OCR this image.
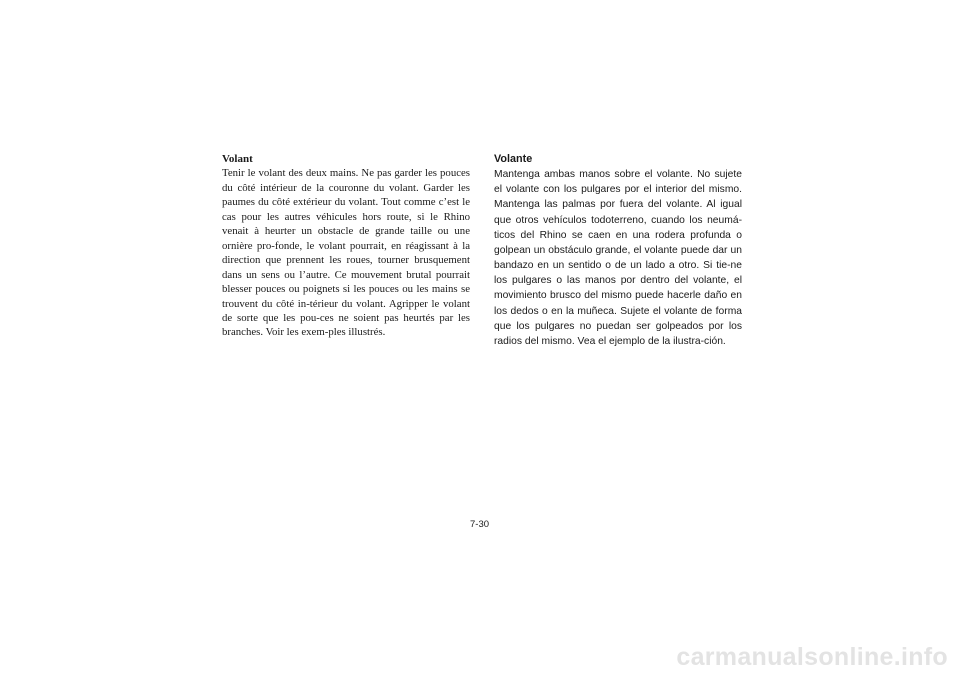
Volant
Tenir le volant des deux mains. Ne pas garder les pouces du côté intérieur de la couronne du volant. Garder les paumes du côté extérieur du volant. Tout comme c’est le cas pour les autres véhicules hors route, si le Rhino venait à heurter un obstacle de grande taille ou une ornière pro-fonde, le volant pourrait, en réagissant à la direction que prennent les roues, tourner brusquement dans un sens ou l’autre. Ce mouvement brutal pourrait blesser pouces ou poignets si les pouces ou les mains se trouvent du côté in-térieur du volant. Agripper le volant de sorte que les pou-ces ne soient pas heurtés par les branches. Voir les exem-ples illustrés.
Volante
Mantenga ambas manos sobre el volante. No sujete el volante con los pulgares por el interior del mismo. Mantenga las palmas por fuera del volante. Al igual que otros vehículos todoterreno, cuando los neumá-ticos del Rhino se caen en una rodera profunda o golpean un obstáculo grande, el volante puede dar un bandazo en un sentido o de un lado a otro. Si tie-ne los pulgares o las manos por dentro del volante, el movimiento brusco del mismo puede hacerle daño en los dedos o en la muñeca. Sujete el volante de forma que los pulgares no puedan ser golpeados por los radios del mismo. Vea el ejemplo de la ilustra-ción.
7-30
carmanualsonline.info
